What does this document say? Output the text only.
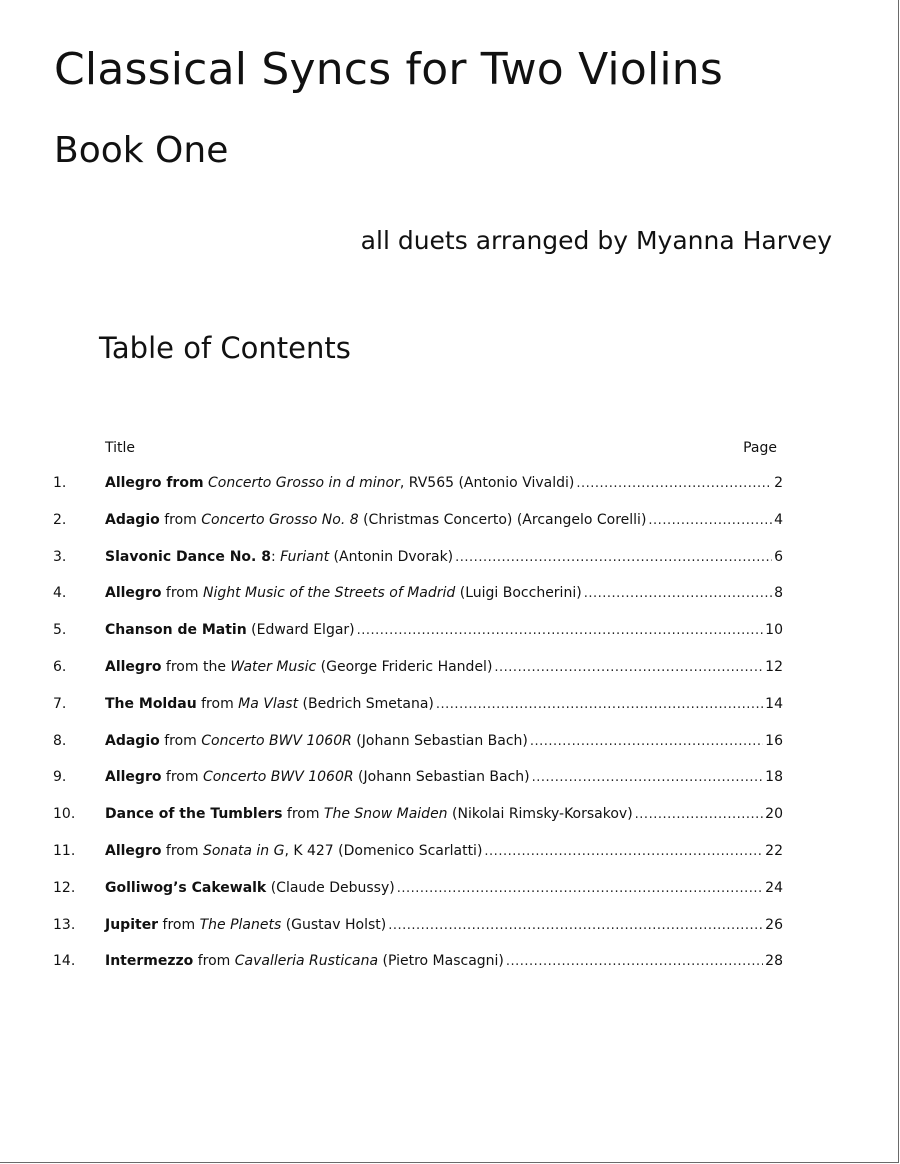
Classical Syncs for Two Violins
Book One
all duets arranged by Myanna Harvey
Table of Contents
Title	Page
1.	Allegro from Concerto Grosso in d minor, RV565 (Antonio Vivaldi) .....	2
2.	Adagio from Concerto Grosso No. 8 (Christmas Concerto) (Arcangelo Corelli) .....	4
3.	Slavonic Dance No. 8: Furiant (Antonin Dvorak) .....	6
4.	Allegro from Night Music of the Streets of Madrid (Luigi Boccherini) .....	8
5.	Chanson de Matin (Edward Elgar) .....	10
6.	Allegro from the Water Music (George Frideric Handel) .....	12
7.	The Moldau from Ma Vlast (Bedrich Smetana) .....	14
8.	Adagio from Concerto BWV 1060R (Johann Sebastian Bach) .....	16
9.	Allegro from Concerto BWV 1060R (Johann Sebastian Bach) .....	18
10.	Dance of the Tumblers from The Snow Maiden (Nikolai Rimsky-Korsakov) .....	20
11.	Allegro from Sonata in G, K 427 (Domenico Scarlatti) .....	22
12.	Golliwog’s Cakewalk (Claude Debussy) .....	24
13.	Jupiter from The Planets (Gustav Holst) .....	26
14.	Intermezzo from Cavalleria Rusticana (Pietro Mascagni) .....	28
